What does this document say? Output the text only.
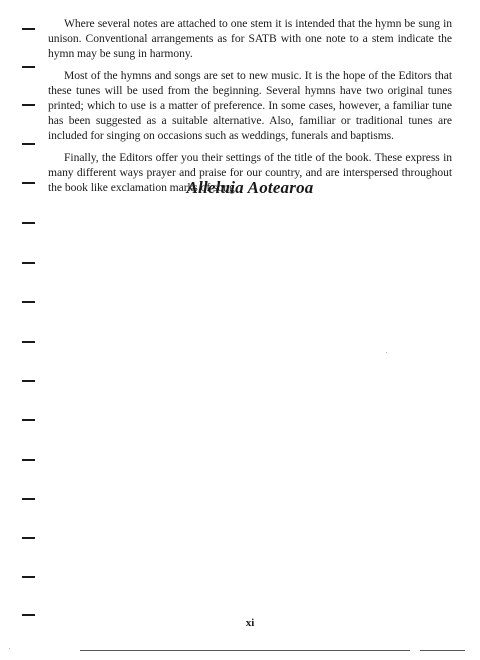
Where several notes are attached to one stem it is intended that the hymn be sung in unison. Conventional arrangements as for SATB with one note to a stem indicate the hymn may be sung in harmony.

Most of the hymns and songs are set to new music. It is the hope of the Editors that these tunes will be used from the beginning. Several hymns have two original tunes printed; which to use is a matter of preference. In some cases, however, a familiar tune has been suggested as a suitable alternative. Also, familiar or traditional tunes are included for singing on occasions such as weddings, funerals and baptisms.

Finally, the Editors offer you their settings of the title of the book. These express in many different ways prayer and praise for our country, and are interspersed throughout the book like exclamation marks of song.

Alleluia Aotearoa
xi
